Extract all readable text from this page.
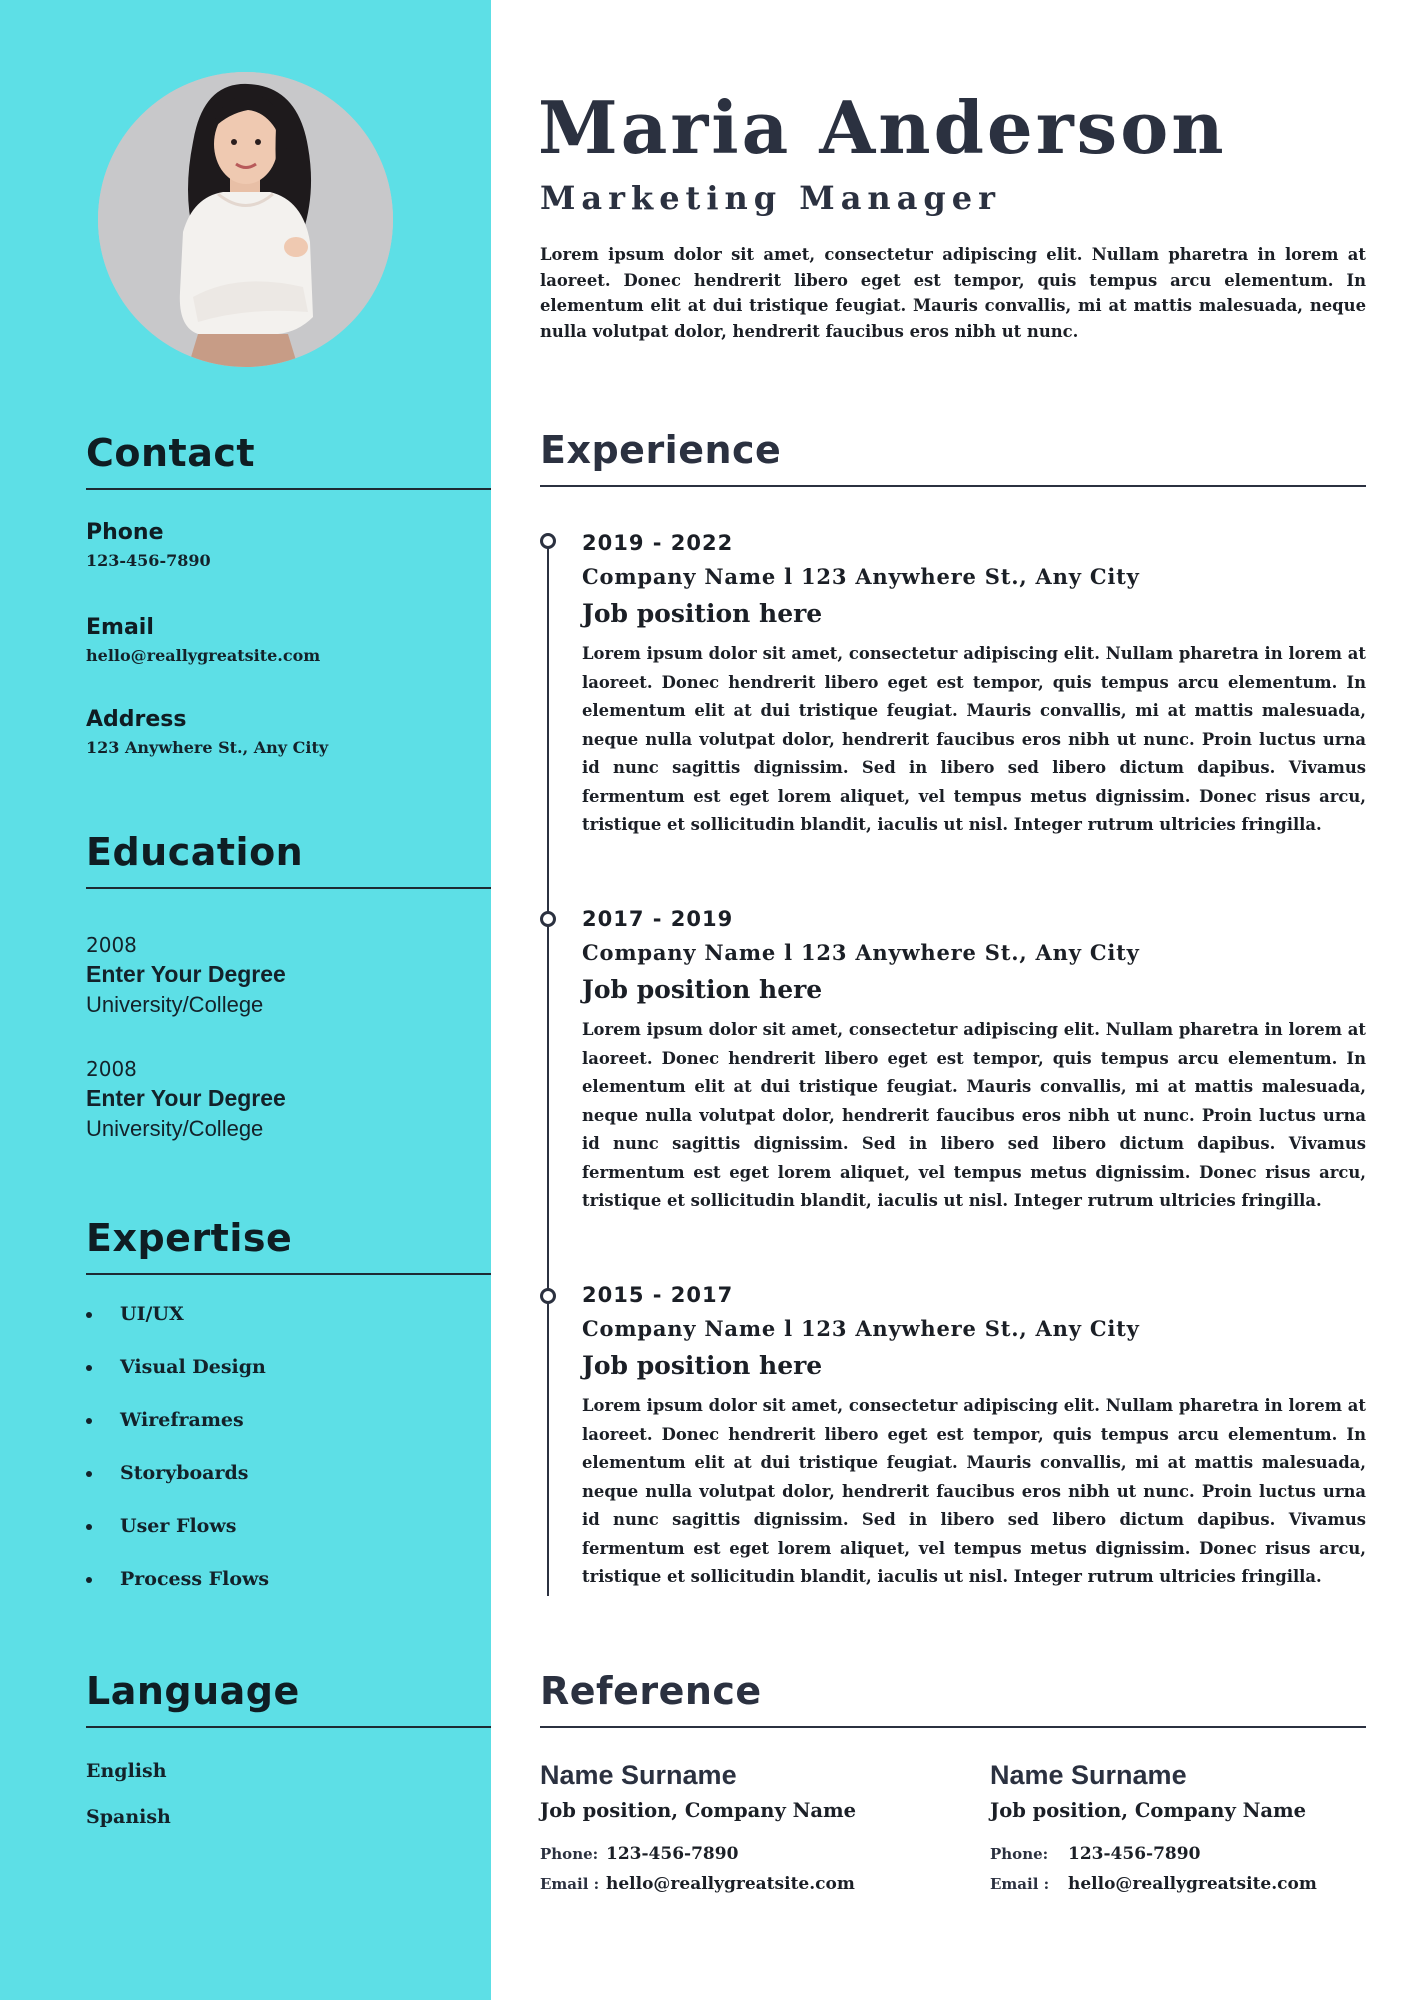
Contact
Phone
123-456-7890
Email
hello@reallygreatsite.com
Address
123 Anywhere St., Any City
Education
2008
Enter Your Degree
University/College
2008
Enter Your Degree
University/College
Expertise
UI/UX
Visual Design
Wireframes
Storyboards
User Flows
Process Flows
Language
English
Spanish
Maria Anderson
Marketing Manager

Lorem ipsum dolor sit amet, consectetur adipiscing elit. Nullam pharetra in lorem at laoreet. Donec hendrerit libero eget est tempor, quis tempus arcu elementum. In elementum elit at dui tristique feugiat. Mauris convallis, mi at mattis malesuada, neque nulla volutpat dolor, hendrerit faucibus eros nibh ut nunc.

Experience
2019 - 2022
Company Name l 123 Anywhere St., Any City
Job position here

Lorem ipsum dolor sit amet, consectetur adipiscing elit. Nullam pharetra in lorem at laoreet. Donec hendrerit libero eget est tempor, quis tempus arcu elementum. In elementum elit at dui tristique feugiat. Mauris convallis, mi at mattis malesuada, neque nulla volutpat dolor, hendrerit faucibus eros nibh ut nunc. Proin luctus urna id nunc sagittis dignissim. Sed in libero sed libero dictum dapibus. Vivamus fermentum est eget lorem aliquet, vel tempus metus dignissim. Donec risus arcu, tristique et sollicitudin blandit, iaculis ut nisl. Integer rutrum ultricies fringilla.

2017 - 2019
Company Name l 123 Anywhere St., Any City
Job position here

Lorem ipsum dolor sit amet, consectetur adipiscing elit. Nullam pharetra in lorem at laoreet. Donec hendrerit libero eget est tempor, quis tempus arcu elementum. In elementum elit at dui tristique feugiat. Mauris convallis, mi at mattis malesuada, neque nulla volutpat dolor, hendrerit faucibus eros nibh ut nunc. Proin luctus urna id nunc sagittis dignissim. Sed in libero sed libero dictum dapibus. Vivamus fermentum est eget lorem aliquet, vel tempus metus dignissim. Donec risus arcu, tristique et sollicitudin blandit, iaculis ut nisl. Integer rutrum ultricies fringilla.

2015 - 2017
Company Name l 123 Anywhere St., Any City
Job position here

Lorem ipsum dolor sit amet, consectetur adipiscing elit. Nullam pharetra in lorem at laoreet. Donec hendrerit libero eget est tempor, quis tempus arcu elementum. In elementum elit at dui tristique feugiat. Mauris convallis, mi at mattis malesuada, neque nulla volutpat dolor, hendrerit faucibus eros nibh ut nunc. Proin luctus urna id nunc sagittis dignissim. Sed in libero sed libero dictum dapibus. Vivamus fermentum est eget lorem aliquet, vel tempus metus dignissim. Donec risus arcu, tristique et sollicitudin blandit, iaculis ut nisl. Integer rutrum ultricies fringilla.

Reference
Name Surname
Job position, Company Name
Phone: 123-456-7890
Email : hello@reallygreatsite.com
Name Surname
Job position, Company Name
Phone: 123-456-7890
Email : hello@reallygreatsite.com
